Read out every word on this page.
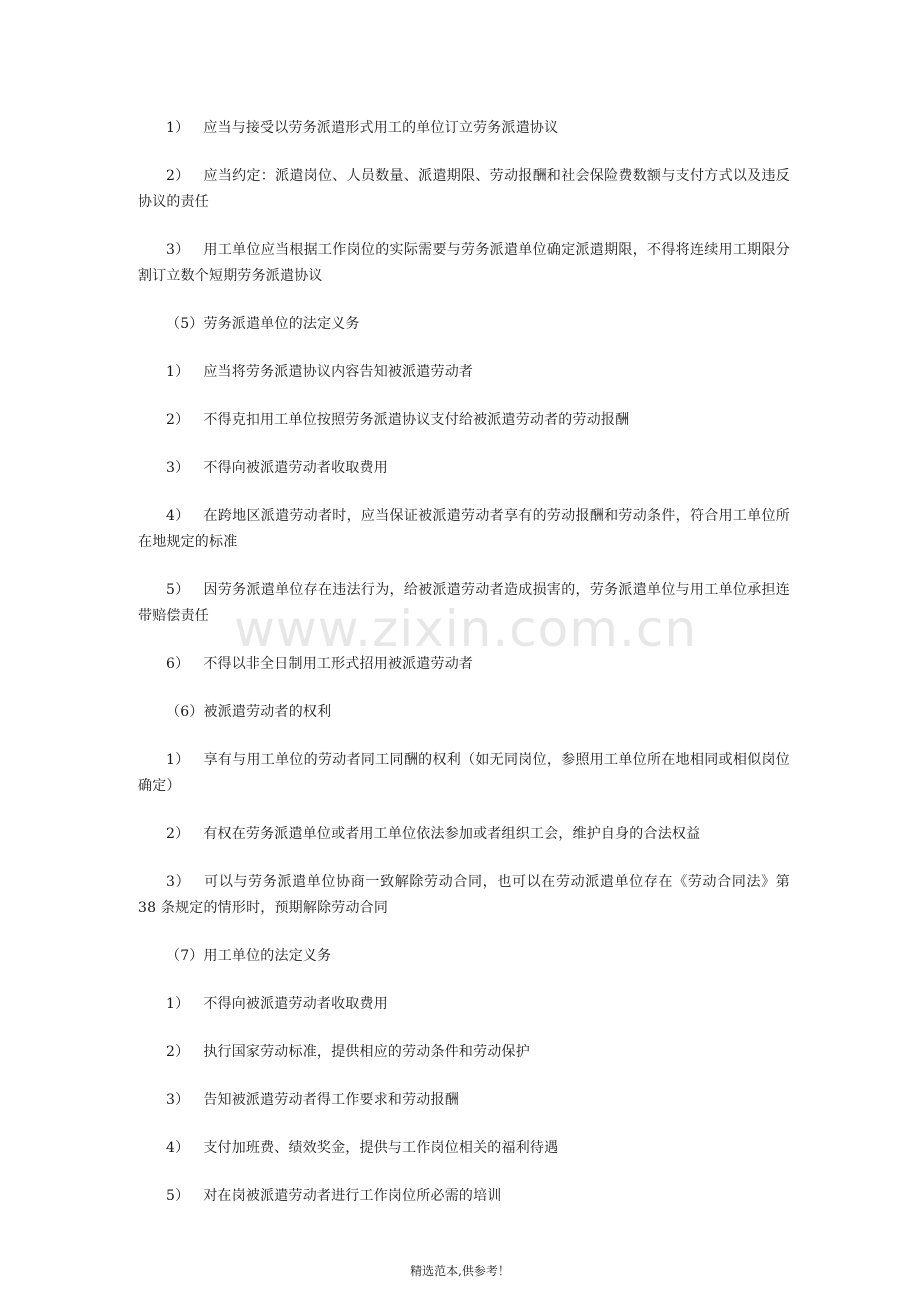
1） 应当与接受以劳务派遣形式用工的单位订立劳务派遣协议

2） 应当约定：派遣岗位、人员数量、派遣期限、劳动报酬和社会保险费数额与支付方式以及违反协议的责任

3） 用工单位应当根据工作岗位的实际需要与劳务派遣单位确定派遣期限，不得将连续用工期限分割订立数个短期劳务派遣协议

（5）劳务派遣单位的法定义务

1） 应当将劳务派遣协议内容告知被派遣劳动者

2） 不得克扣用工单位按照劳务派遣协议支付给被派遣劳动者的劳动报酬

3） 不得向被派遣劳动者收取费用

4） 在跨地区派遣劳动者时，应当保证被派遣劳动者享有的劳动报酬和劳动条件，符合用工单位所在地规定的标准

5） 因劳务派遣单位存在违法行为，给被派遣劳动者造成损害的，劳务派遣单位与用工单位承担连带赔偿责任

6） 不得以非全日制用工形式招用被派遣劳动者

（6）被派遣劳动者的权利

1） 享有与用工单位的劳动者同工同酬的权利（如无同岗位，参照用工单位所在地相同或相似岗位确定）

2） 有权在劳务派遣单位或者用工单位依法参加或者组织工会，维护自身的合法权益

3） 可以与劳务派遣单位协商一致解除劳动合同，也可以在劳动派遣单位存在《劳动合同法》第 38 条规定的情形时，预期解除劳动合同

（7）用工单位的法定义务

1） 不得向被派遣劳动者收取费用

2） 执行国家劳动标准，提供相应的劳动条件和劳动保护

3） 告知被派遣劳动者得工作要求和劳动报酬

4） 支付加班费、绩效奖金，提供与工作岗位相关的福利待遇

5） 对在岗被派遣劳动者进行工作岗位所必需的培训

www.zixin.com.cn
精选范本,供参考！
